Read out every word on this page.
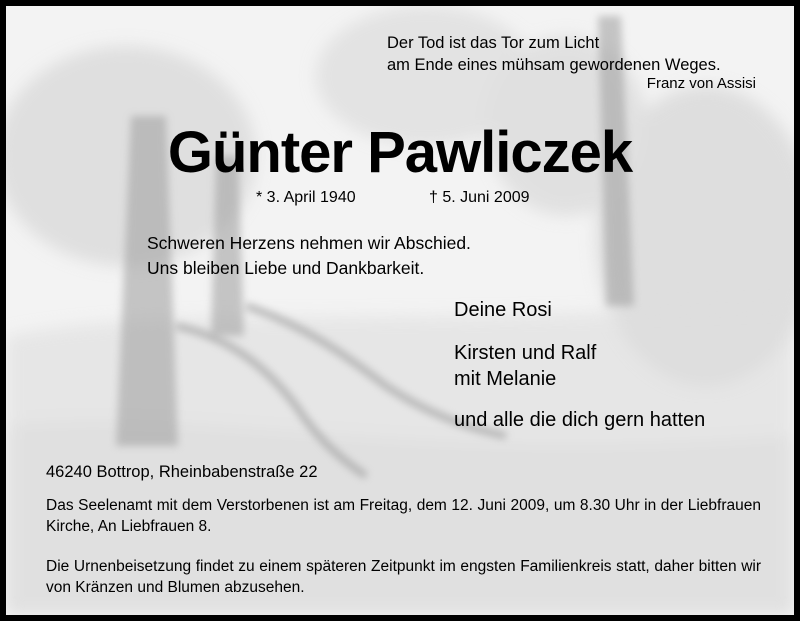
Der Tod ist das Tor zum Licht
am Ende eines mühsam gewordenen Weges.
Franz von Assisi
Günter Pawliczek
* 3. April 1940	† 5. Juni 2009
Schweren Herzens nehmen wir Abschied.
Uns bleiben Liebe und Dankbarkeit.
Deine Rosi
Kirsten und Ralf
mit Melanie
und alle die dich gern hatten
46240 Bottrop, Rheinbabenstraße 22
Das Seelenamt mit dem Verstorbenen ist am Freitag, dem 12. Juni 2009, um 8.30 Uhr in der Liebfrauen Kirche, An Liebfrauen 8.
Die Urnenbeisetzung findet zu einem späteren Zeitpunkt im engsten Familienkreis statt, daher bitten wir von Kränzen und Blumen abzusehen.
